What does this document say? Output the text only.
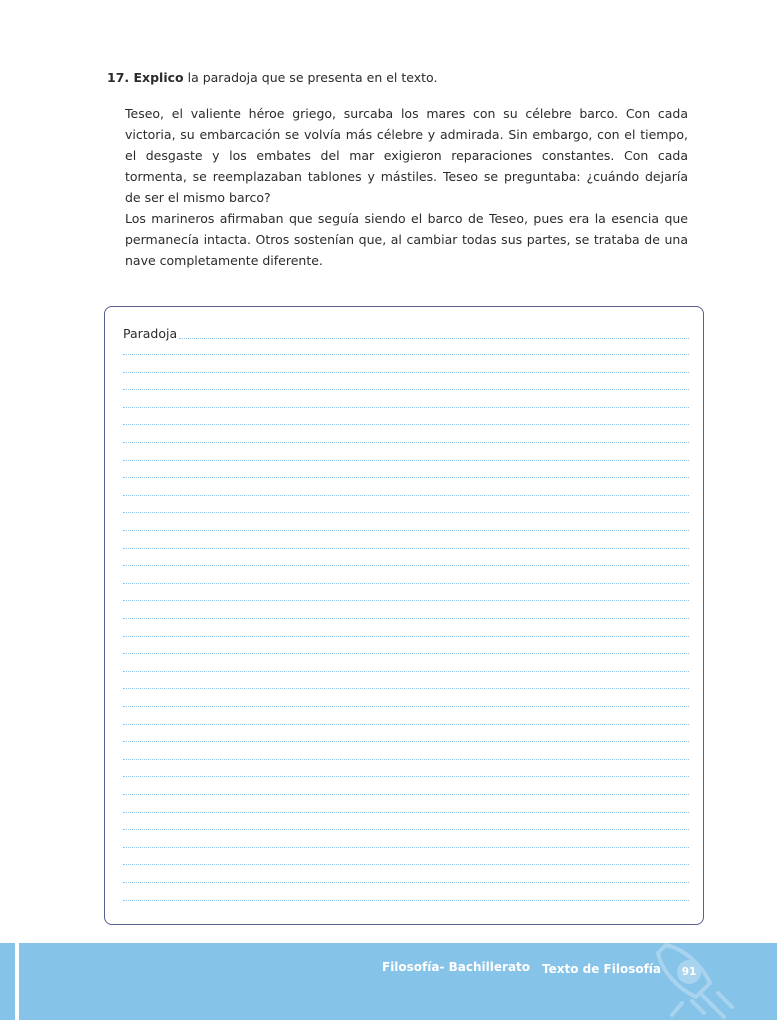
17. Explico la paradoja que se presenta en el texto.

Teseo, el valiente héroe griego, surcaba los mares con su célebre barco. Con cada victoria, su embarcación se volvía más célebre y admirada. Sin embargo, con el tiempo, el desgaste y los embates del mar exigieron reparaciones constantes. Con cada tormenta, se reemplazaban tablones y mástiles. Teseo se preguntaba: ¿cuándo dejaría de ser el mismo barco?

Los marineros afirmaban que seguía siendo el barco de Teseo, pues era la esencia que permanecía intacta. Otros sostenían que, al cambiar todas sus partes, se trataba de una nave completamente diferente.

Paradoja
Filosofía- Bachillerato Texto de Filosofía	91
